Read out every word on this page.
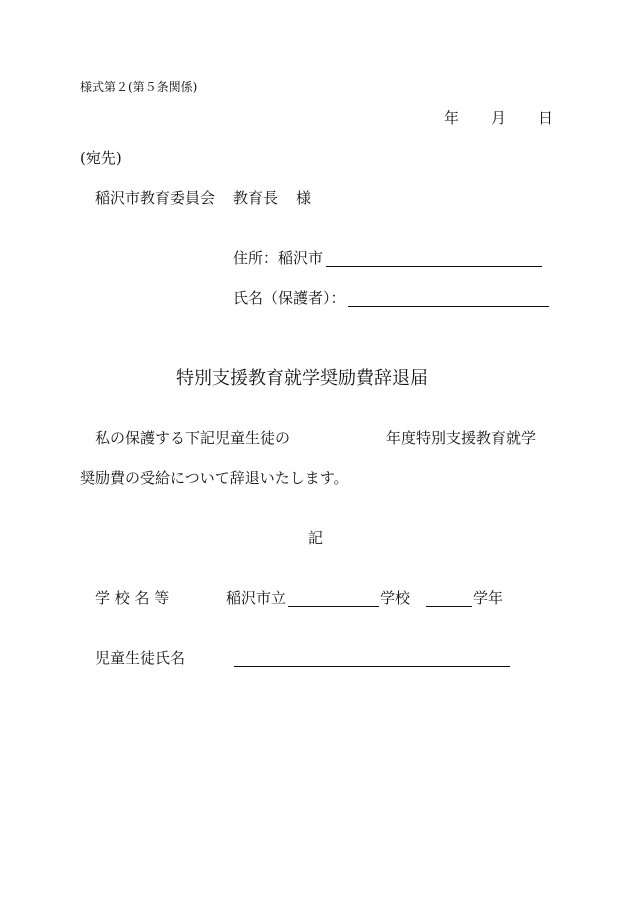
様式第２(第５条関係)
年 月 日
(宛先)
稲沢市教育委員会 教育長 様
住所：稲沢市
氏名（保護者）：
特別支援教育就学奨励費辞退届
私の保護する下記児童生徒の	年度特別支援教育就学
奨励費の受給について辞退いたします。
記
学 校 名 等	稲沢市立	学校	学年
児童生徒氏名
